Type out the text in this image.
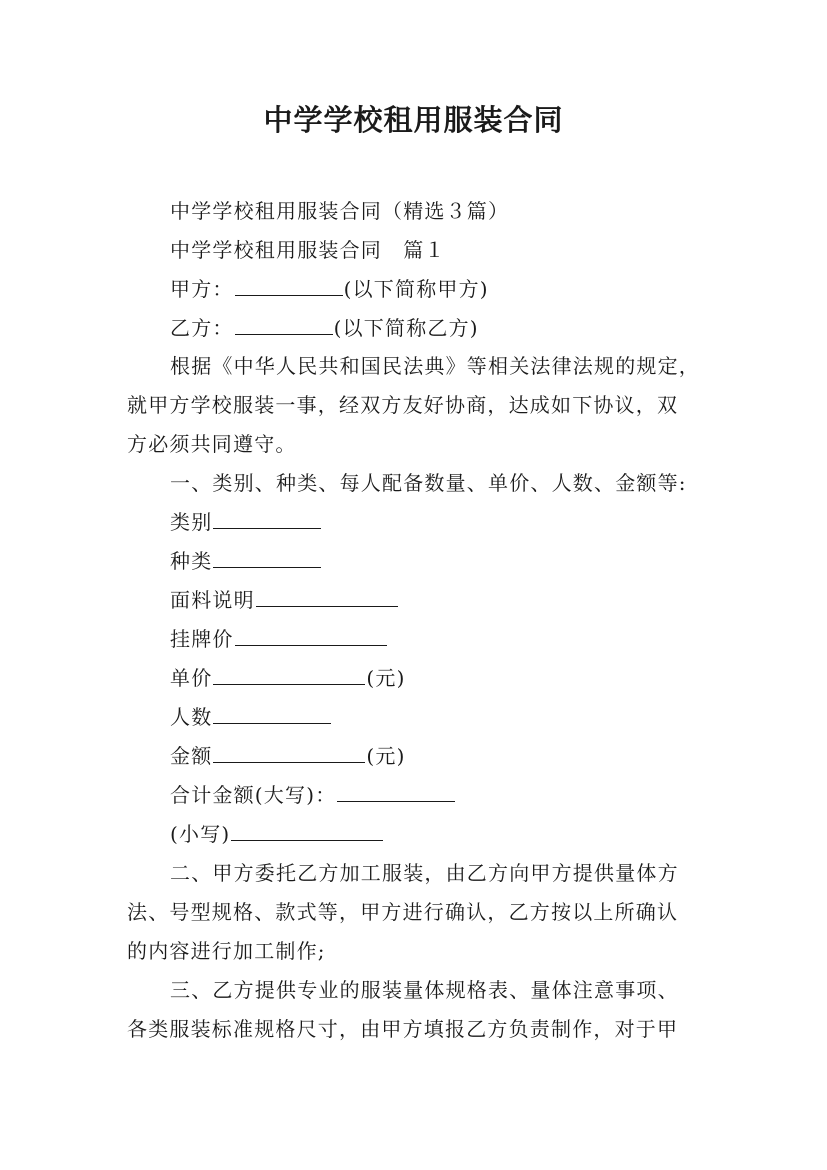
中学学校租用服装合同
中学学校租用服装合同（精选３篇）
中学学校租用服装合同　篇１
甲方：	(以下简称甲方)
乙方：	(以下简称乙方)
根据《中华人民共和国民法典》等相关法律法规的规定，
就甲方学校服装一事，经双方友好协商，达成如下协议，双
方必须共同遵守。
一、类别、种类、每人配备数量、单价、人数、金额等:
类别
种类
面料说明
挂牌价
单价	(元)
人数
金额	(元)
合计金额(大写)：
(小写)
二、甲方委托乙方加工服装，由乙方向甲方提供量体方
法、号型规格、款式等，甲方进行确认，乙方按以上所确认
的内容进行加工制作;
三、乙方提供专业的服装量体规格表、量体注意事项、
各类服装标准规格尺寸，由甲方填报乙方负责制作，对于甲
